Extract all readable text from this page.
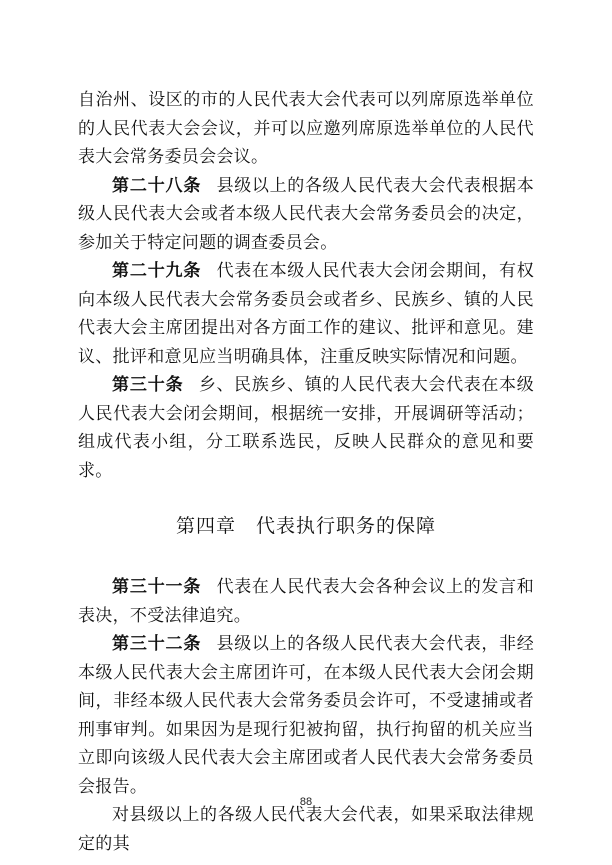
自治州、设区的市的人民代表大会代表可以列席原选举单位的人民代表大会会议，并可以应邀列席原选举单位的人民代表大会常务委员会会议。

第二十八条 县级以上的各级人民代表大会代表根据本级人民代表大会或者本级人民代表大会常务委员会的决定，参加关于特定问题的调查委员会。

第二十九条 代表在本级人民代表大会闭会期间，有权向本级人民代表大会常务委员会或者乡、民族乡、镇的人民代表大会主席团提出对各方面工作的建议、批评和意见。建议、批评和意见应当明确具体，注重反映实际情况和问题。

第三十条 乡、民族乡、镇的人民代表大会代表在本级人民代表大会闭会期间，根据统一安排，开展调研等活动；组成代表小组，分工联系选民，反映人民群众的意见和要求。

第四章 代表执行职务的保障

第三十一条 代表在人民代表大会各种会议上的发言和表决，不受法律追究。

第三十二条 县级以上的各级人民代表大会代表，非经本级人民代表大会主席团许可，在本级人民代表大会闭会期间，非经本级人民代表大会常务委员会许可，不受逮捕或者刑事审判。如果因为是现行犯被拘留，执行拘留的机关应当立即向该级人民代表大会主席团或者人民代表大会常务委员会报告。

对县级以上的各级人民代表大会代表，如果采取法律规定的其

88
